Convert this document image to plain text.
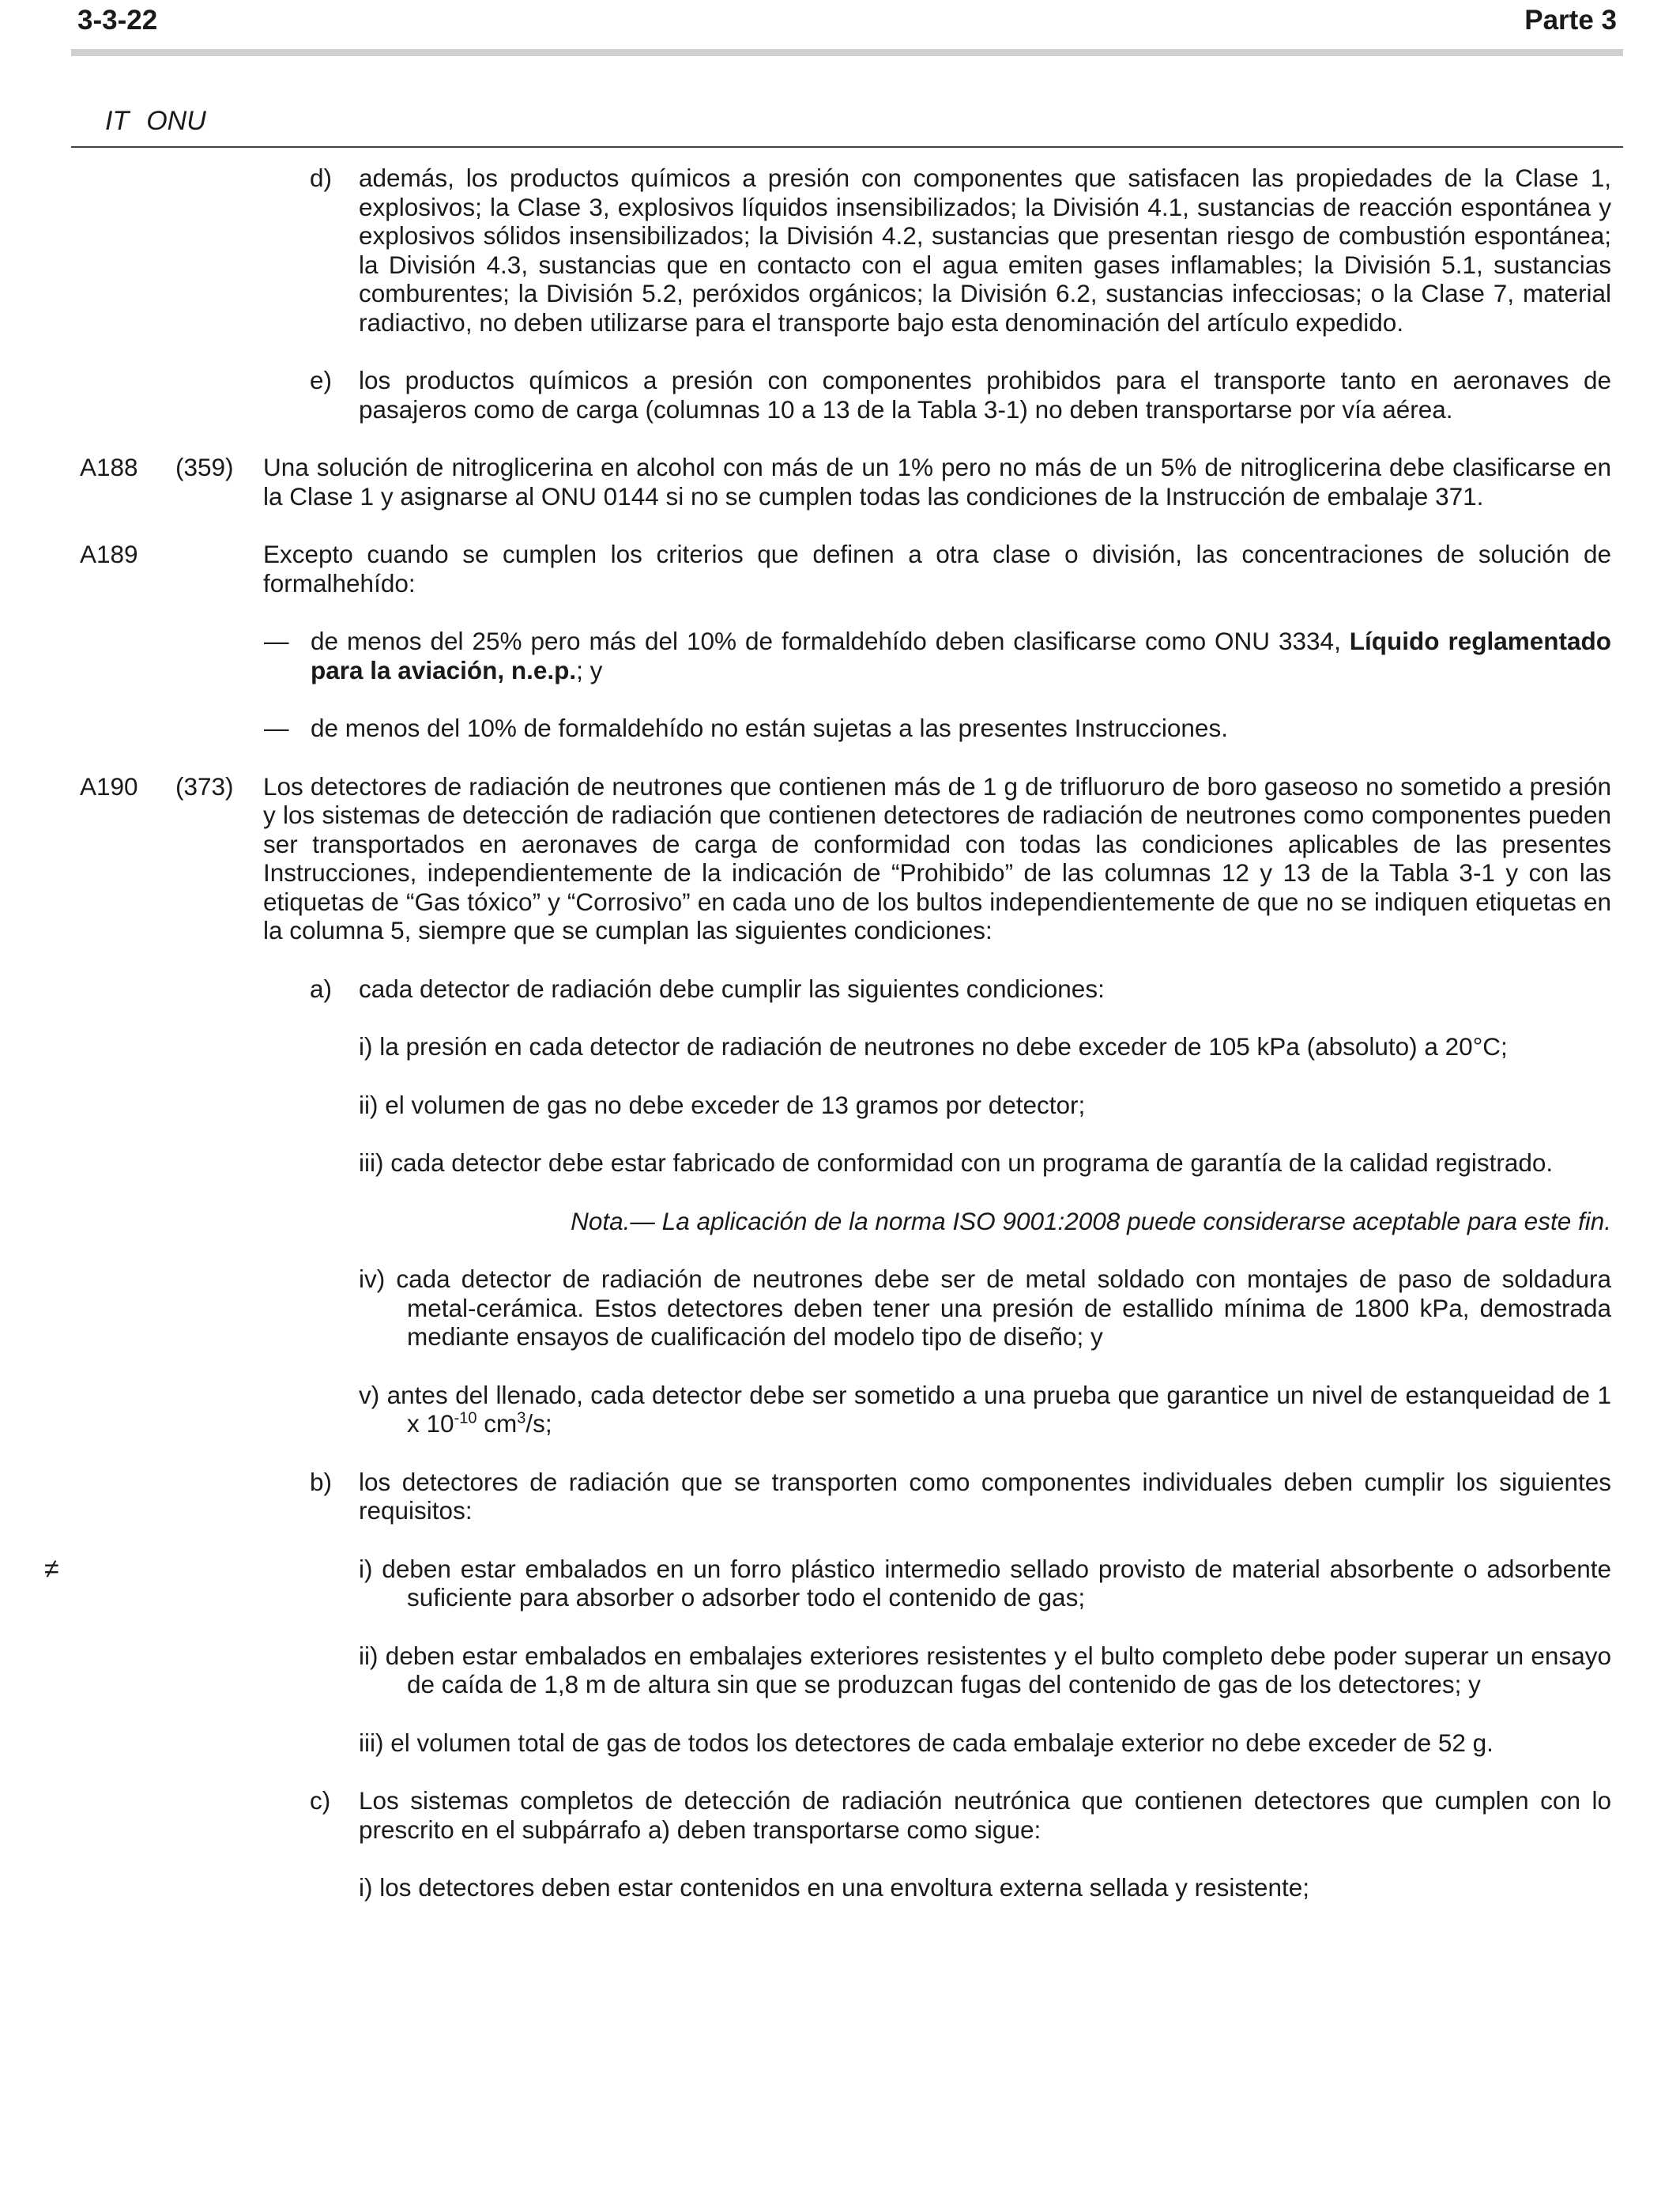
3-3-22	Parte 3
IT ONU
d) además, los productos químicos a presión con componentes que satisfacen las propiedades de la Clase 1, explosivos; la Clase 3, explosivos líquidos insensibilizados; la División 4.1, sustancias de reacción espontánea y explosivos sólidos insensibilizados; la División 4.2, sustancias que presentan riesgo de combustión espontánea; la División 4.3, sustancias que en contacto con el agua emiten gases inflamables; la División 5.1, sustancias comburentes; la División 5.2, peróxidos orgánicos; la División 6.2, sustancias infecciosas; o la Clase 7, material radiactivo, no deben utilizarse para el transporte bajo esta denominación del artículo expedido.
e) los productos químicos a presión con componentes prohibidos para el transporte tanto en aeronaves de pasajeros como de carga (columnas 10 a 13 de la Tabla 3-1) no deben transportarse por vía aérea.
A188 (359) Una solución de nitroglicerina en alcohol con más de un 1% pero no más de un 5% de nitroglicerina debe clasificarse en la Clase 1 y asignarse al ONU 0144 si no se cumplen todas las condiciones de la Instrucción de embalaje 371.
A189	Excepto cuando se cumplen los criterios que definen a otra clase o división, las concentraciones de solución de formalhehído:
— de menos del 25% pero más del 10% de formaldehído deben clasificarse como ONU 3334, Líquido reglamentado para la aviación, n.e.p.; y
— de menos del 10% de formaldehído no están sujetas a las presentes Instrucciones.
A190 (373) Los detectores de radiación de neutrones que contienen más de 1 g de trifluoruro de boro gaseoso no sometido a presión y los sistemas de detección de radiación que contienen detectores de radiación de neutrones como componentes pueden ser transportados en aeronaves de carga de conformidad con todas las condiciones aplicables de las presentes Instrucciones, independientemente de la indicación de “Prohibido” de las columnas 12 y 13 de la Tabla 3-1 y con las etiquetas de “Gas tóxico” y “Corrosivo” en cada uno de los bultos independientemente de que no se indiquen etiquetas en la columna 5, siempre que se cumplan las siguientes condiciones:
a) cada detector de radiación debe cumplir las siguientes condiciones:
i) la presión en cada detector de radiación de neutrones no debe exceder de 105 kPa (absoluto) a 20°C;
ii) el volumen de gas no debe exceder de 13 gramos por detector;
iii) cada detector debe estar fabricado de conformidad con un programa de garantía de la calidad registrado.
Nota.— La aplicación de la norma ISO 9001:2008 puede considerarse aceptable para este fin.
iv) cada detector de radiación de neutrones debe ser de metal soldado con montajes de paso de soldadura metal-cerámica. Estos detectores deben tener una presión de estallido mínima de 1800 kPa, demostrada mediante ensayos de cualificación del modelo tipo de diseño; y
v) antes del llenado, cada detector debe ser sometido a una prueba que garantice un nivel de estanqueidad de 1 x $10^{-10}$ $cm^3/s$;
b) los detectores de radiación que se transporten como componentes individuales deben cumplir los siguientes requisitos:
≠	i) deben estar embalados en un forro plástico intermedio sellado provisto de material absorbente o adsorbente suficiente para absorber o adsorber todo el contenido de gas;
ii) deben estar embalados en embalajes exteriores resistentes y el bulto completo debe poder superar un ensayo de caída de 1,8 m de altura sin que se produzcan fugas del contenido de gas de los detectores; y
iii) el volumen total de gas de todos los detectores de cada embalaje exterior no debe exceder de 52 g.
c) Los sistemas completos de detección de radiación neutrónica que contienen detectores que cumplen con lo prescrito en el subpárrafo a) deben transportarse como sigue:
i) los detectores deben estar contenidos en una envoltura externa sellada y resistente;
